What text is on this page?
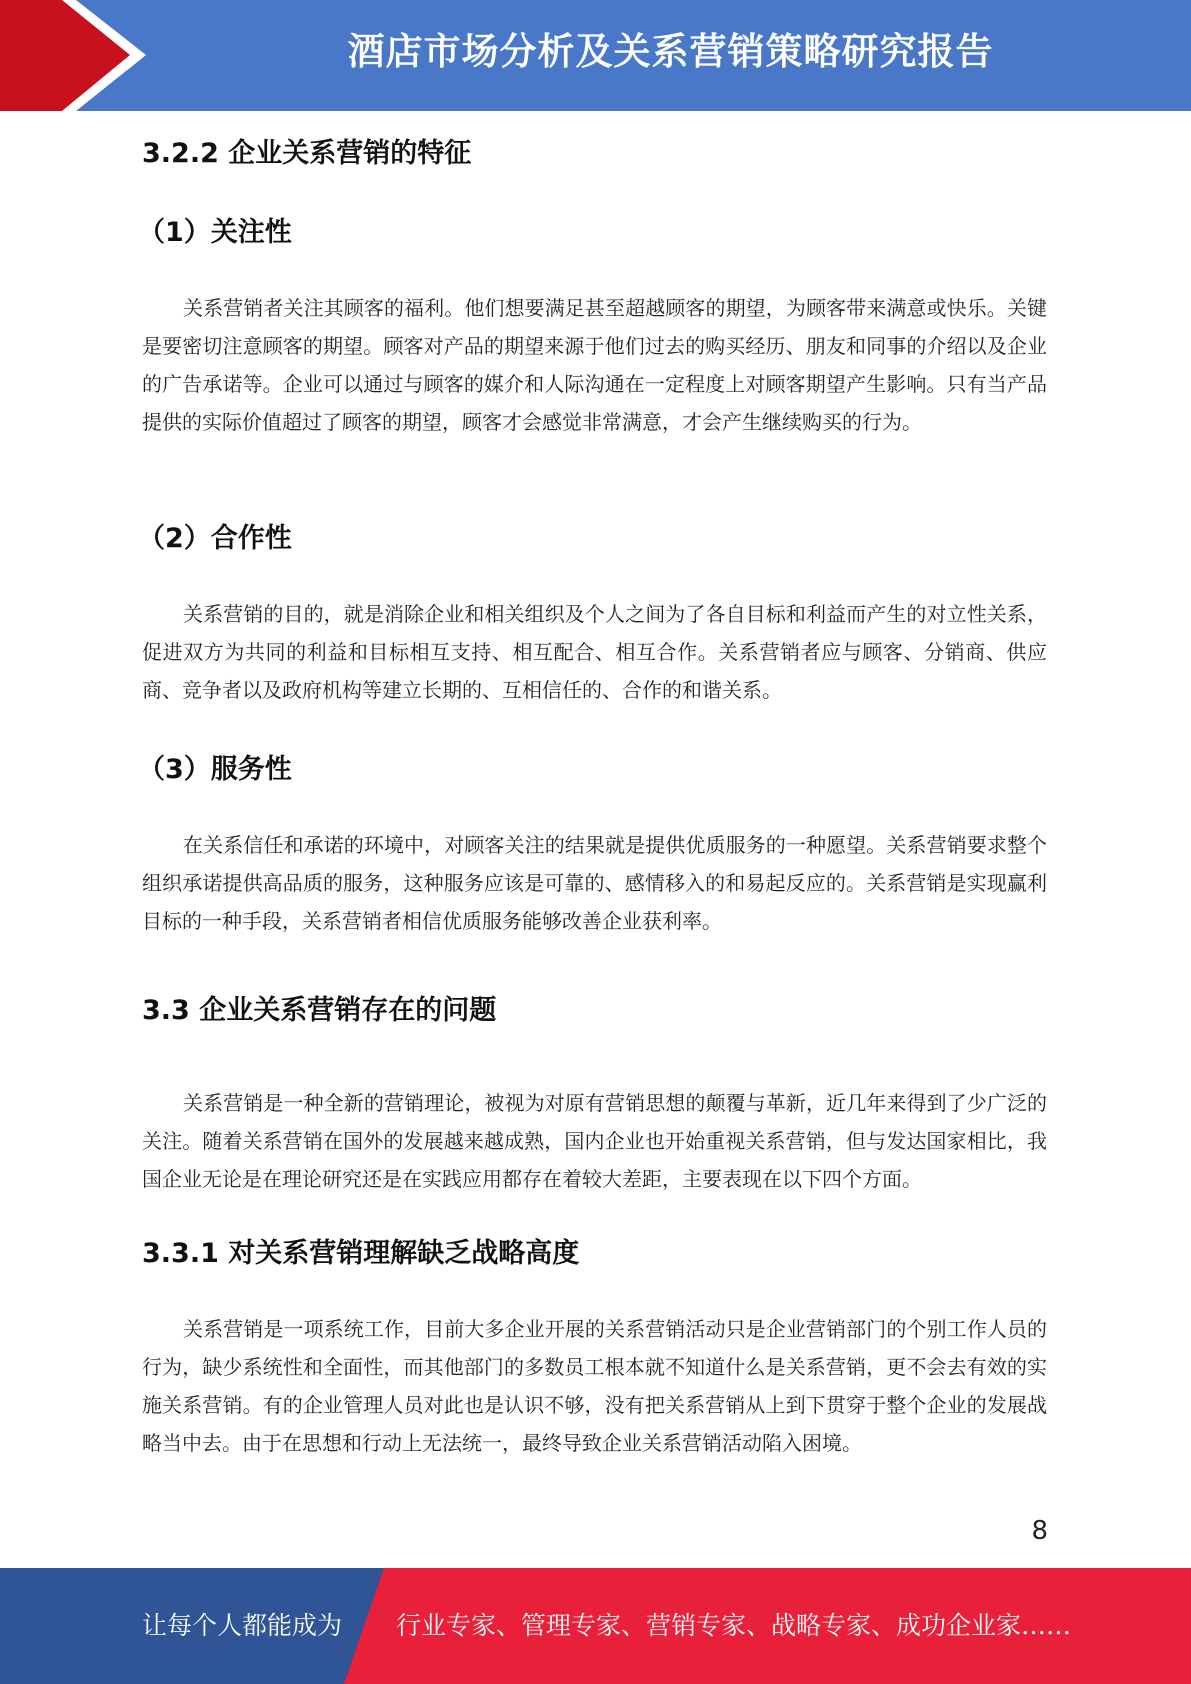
酒店市场分析及关系营销策略研究报告
3.2.2 企业关系营销的特征
（1）关注性

关系营销者关注其顾客的福利。他们想要满足甚至超越顾客的期望，为顾客带来满意或快乐。关键是要密切注意顾客的期望。顾客对产品的期望来源于他们过去的购买经历、朋友和同事的介绍以及企业的广告承诺等。企业可以通过与顾客的媒介和人际沟通在一定程度上对顾客期望产生影响。只有当产品提供的实际价值超过了顾客的期望，顾客才会感觉非常满意，才会产生继续购买的行为。

（2）合作性

关系营销的目的，就是消除企业和相关组织及个人之间为了各自目标和利益而产生的对立性关系，促进双方为共同的利益和目标相互支持、相互配合、相互合作。关系营销者应与顾客、分销商、供应商、竞争者以及政府机构等建立长期的、互相信任的、合作的和谐关系。

（3）服务性

在关系信任和承诺的环境中，对顾客关注的结果就是提供优质服务的一种愿望。关系营销要求整个组织承诺提供高品质的服务，这种服务应该是可靠的、感情移入的和易起反应的。关系营销是实现赢利目标的一种手段，关系营销者相信优质服务能够改善企业获利率。

3.3 企业关系营销存在的问题

关系营销是一种全新的营销理论，被视为对原有营销思想的颠覆与革新，近几年来得到了少广泛的关注。随着关系营销在国外的发展越来越成熟，国内企业也开始重视关系营销，但与发达国家相比，我国企业无论是在理论研究还是在实践应用都存在着较大差距，主要表现在以下四个方面。

3.3.1 对关系营销理解缺乏战略高度

关系营销是一项系统工作，目前大多企业开展的关系营销活动只是企业营销部门的个别工作人员的行为，缺少系统性和全面性，而其他部门的多数员工根本就不知道什么是关系营销，更不会去有效的实施关系营销。有的企业管理人员对此也是认识不够，没有把关系营销从上到下贯穿于整个企业的发展战略当中去。由于在思想和行动上无法统一，最终导致企业关系营销活动陷入困境。

8
让每个人都能成为 行业专家、管理专家、营销专家、战略专家、成功企业家……
